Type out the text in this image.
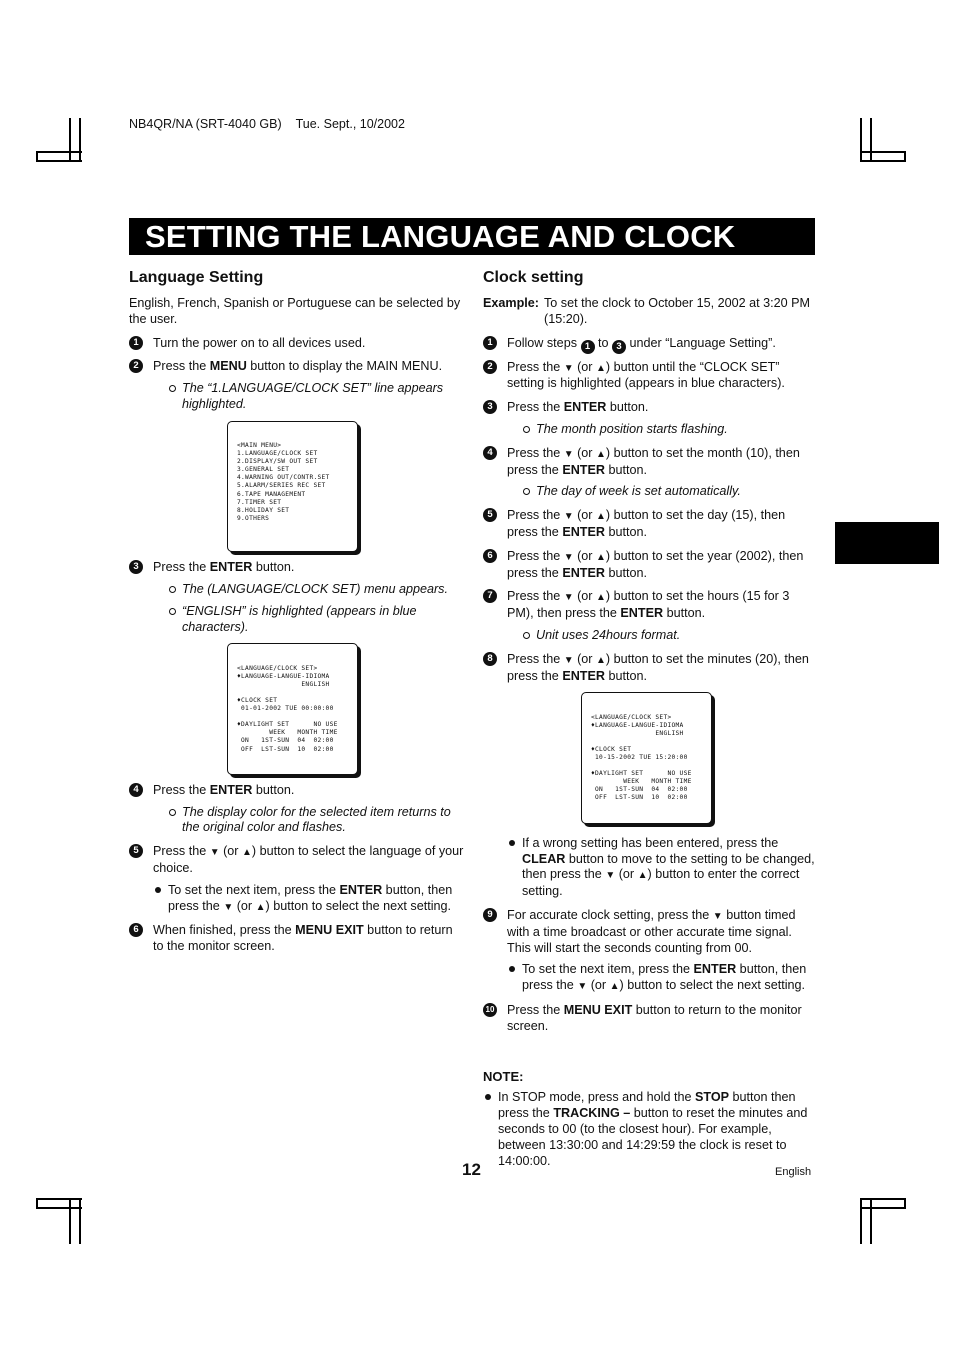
NB4QR/NA (SRT-4040 GB) Tue. Sept., 10/2002
SETTING THE LANGUAGE AND CLOCK
Language Setting

English, French, Spanish or Portuguese can be selected by the user.

1	Turn the power on to all devices used.
2	Press the MENU button to display the MAIN MENU.
The “1.LANGUAGE/CLOCK SET” line appears highlighted.

<MAIN MENU>
1.LANGUAGE/CLOCK SET
2.DISPLAY/SW OUT SET
3.GENERAL SET
4.WARNING OUT/CONTR.SET
5.ALARM/SERIES REC SET
6.TAPE MANAGEMENT
7.TIMER SET
8.HOLIDAY SET
9.OTHERS

3	Press the ENTER button.
The (LANGUAGE/CLOCK SET) menu appears.
“ENGLISH” is highlighted (appears in blue characters).

<LANGUAGE/CLOCK SET>
♦LANGUAGE-LANGUE-IDIOMA
ENGLISH
♦CLOCK SET
01-01-2002 TUE 00:00:00
♦DAYLIGHT SET      NO USE
WEEK   MONTH TIME
ON   1ST-SUN  04  02:00
OFF  LST-SUN  10  02:00

4	Press the ENTER button.
The display color for the selected item returns to the original color and flashes.
5	Press the ▼ (or ▲) button to select the language of your choice.
To set the next item, press the ENTER button, then press the ▼ (or ▲) button to select the next setting.
6	When finished, press the MENU EXIT button to return to the monitor screen.
Clock setting

Example: To set the clock to October 15, 2002 at 3:20 PM (15:20).

1	Follow steps 1 to 3 under “Language Setting”.
2	Press the ▼ (or ▲) button until the “CLOCK SET” setting is highlighted (appears in blue characters).
3	Press the ENTER button.
The month position starts flashing.
4	Press the ▼ (or ▲) button to set the month (10), then press the ENTER button.
The day of week is set automatically.
5	Press the ▼ (or ▲) button to set the day (15), then press the ENTER button.
6	Press the ▼ (or ▲) button to set the year (2002), then press the ENTER button.
7	Press the ▼ (or ▲) button to set the hours (15 for 3 PM), then press the ENTER button.
Unit uses 24hours format.
8	Press the ▼ (or ▲) button to set the minutes (20), then press the ENTER button.

<LANGUAGE/CLOCK SET>
♦LANGUAGE-LANGUE-IDIOMA
ENGLISH
♦CLOCK SET
10-15-2002 TUE 15:20:00
♦DAYLIGHT SET      NO USE
WEEK   MONTH TIME
ON   1ST-SUN  04  02:00
OFF  LST-SUN  10  02:00

If a wrong setting has been entered, press the CLEAR button to move to the setting to be changed, then press the ▼ (or ▲) button to enter the correct setting.
9	For accurate clock setting, press the ▼ button timed with a time broadcast or other accurate time signal. This will start the seconds counting from 00.
To set the next item, press the ENTER button, then press the ▼ (or ▲) button to select the next setting.
10 Press the MENU EXIT button to return to the monitor screen.

NOTE:

In STOP mode, press and hold the STOP button then press the TRACKING – button to reset the minutes and seconds to 00 (to the closest hour). For example, between 13:30:00 and 14:29:59 the clock is reset to 14:00:00.
12	English
